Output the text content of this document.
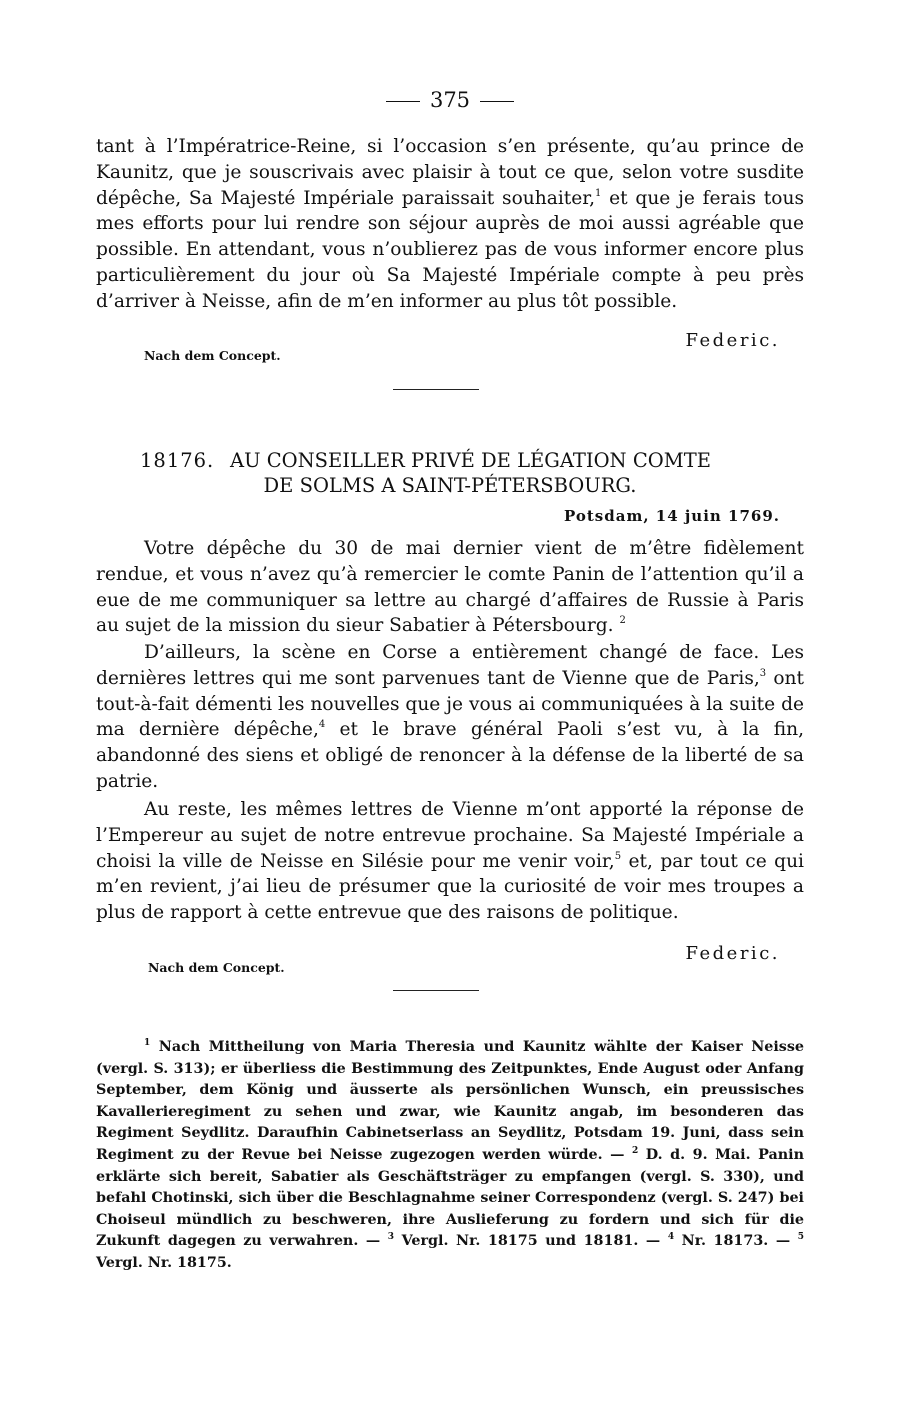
375
tant à l’Impératrice-Reine, si l’occasion s’en présente, qu’au prince de Kaunitz, que je souscrivais avec plaisir à tout ce que, selon votre susdite dépêche, Sa Majesté Impériale paraissait souhaiter,$^1$ et que je ferais tous mes efforts pour lui rendre son séjour auprès de moi aussi agréable que possible. En attendant, vous n’oublierez pas de vous informer encore plus particulièrement du jour où Sa Majesté Impériale compte à peu près d’arriver à Neisse, afin de m’en informer au plus tôt possible.
Federic.
Nach dem Concept.
18176. AU CONSEILLER PRIVÉ DE LÉGATION COMTE
DE SOLMS A SAINT-PÉTERSBOURG.
Potsdam, 14 juin 1769.
Votre dépêche du 30 de mai dernier vient de m’être fidèlement rendue, et vous n’avez qu’à remercier le comte Panin de l’attention qu’il a eue de me communiquer sa lettre au chargé d’affaires de Russie à Paris au sujet de la mission du sieur Sabatier à Pétersbourg. $^2$
D’ailleurs, la scène en Corse a entièrement changé de face. Les dernières lettres qui me sont parvenues tant de Vienne que de Paris,$^3$ ont tout-à-fait démenti les nouvelles que je vous ai communiquées à la suite de ma dernière dépêche,$^4$ et le brave général Paoli s’est vu, à la fin, abandonné des siens et obligé de renoncer à la défense de la liberté de sa patrie.
Au reste, les mêmes lettres de Vienne m’ont apporté la réponse de l’Empereur au sujet de notre entrevue prochaine. Sa Majesté Impériale a choisi la ville de Neisse en Silésie pour me venir voir,$^5$ et, par tout ce qui m’en revient, j’ai lieu de présumer que la curiosité de voir mes troupes a plus de rapport à cette entrevue que des raisons de politique.
Federic.
Nach dem Concept.
$^1$ Nach Mittheilung von Maria Theresia und Kaunitz wählte der Kaiser Neisse (vergl. S. 313); er überliess die Bestimmung des Zeitpunktes, Ende August oder Anfang September, dem König und äusserte als persönlichen Wunsch, ein preussisches Kavallerieregiment zu sehen und zwar, wie Kaunitz angab, im besonderen das Regiment Seydlitz. Daraufhin Cabinetserlass an Seydlitz, Potsdam 19. Juni, dass sein Regiment zu der Revue bei Neisse zugezogen werden würde. — $^2$ D. d. 9. Mai. Panin erklärte sich bereit, Sabatier als Geschäftsträger zu empfangen (vergl. S. 330), und befahl Chotinski, sich über die Beschlagnahme seiner Correspondenz (vergl. S. 247) bei Choiseul mündlich zu beschweren, ihre Auslieferung zu fordern und sich für die Zukunft dagegen zu verwahren. — $^3$ Vergl. Nr. 18175 und 18181. — $^4$ Nr. 18173. — $^5$ Vergl. Nr. 18175.
